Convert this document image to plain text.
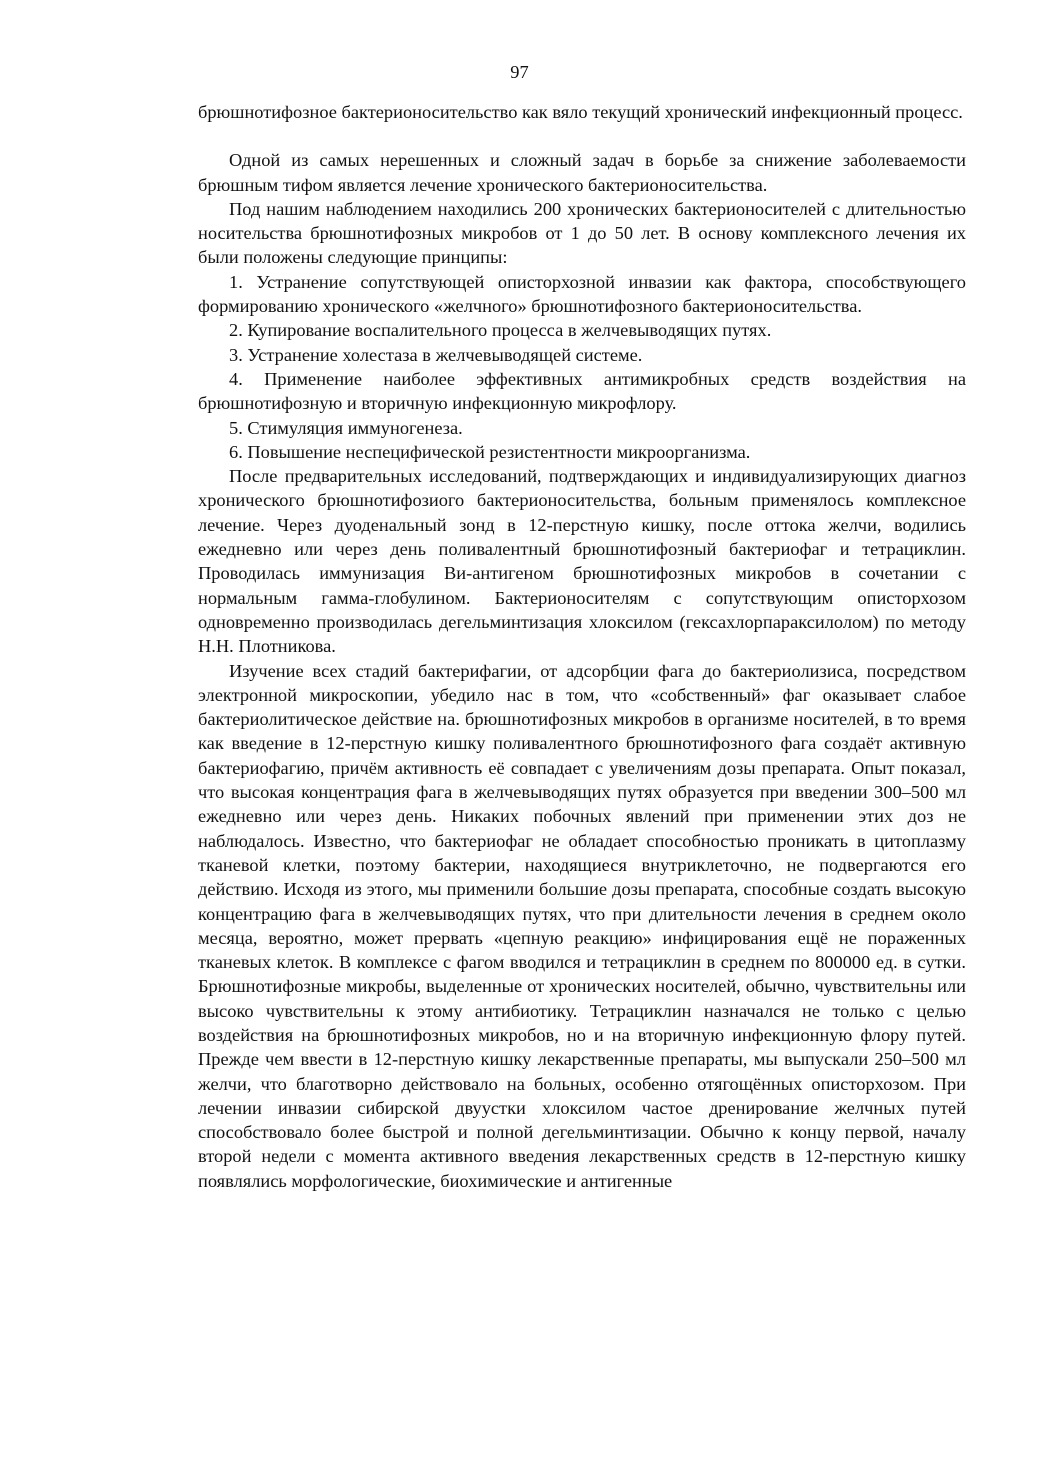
97

брюшнотифозное бактерионосительство как вяло текущий хронический инфекционный процесс.

Одной из самых нерешенных и сложный задач в борьбе за снижение заболеваемости брюшным тифом является лечение хронического бактерионосительства.

Под нашим наблюдением находились 200 хронических бактерионосителей с длительностью носительства брюшнотифозных микробов от 1 до 50 лет. В основу комплексного лечения их были положены следующие принципы:

1. Устранение сопутствующей описторхозной инвазии как фактора, способствующего формированию хронического «желчного» брюшнотифозного бактерионосительства.

2. Купирование воспалительного процесса в желчевыводящих путях.

3. Устранение холестаза в желчевыводящей системе.

4. Применение наиболее эффективных антимикробных средств воздействия на брюшнотифозную и вторичную инфекционную микрофлору.

5. Стимуляция иммуногенеза.

6. Повышение неспецифической резистентности микроорганизма.

После предварительных исследований, подтверждающих и индивидуализирующих диагноз хронического брюшнотифозиого бактерионосительства, больным применялось комплексное лечение. Через дуоденальный зонд в 12-перстную кишку, после оттока желчи, водились ежедневно или через день поливалентный брюшнотифозный бактериофаг и тетрациклин. Проводилась иммунизация Ви-антигеном брюшнотифозных микробов в сочетании с нормальным гамма-глобулином. Бактерионосителям с сопутствующим описторхозом одновременно производилась дегельминтизация хлоксилом (гексахлорпараксилолом) по методу Н.Н. Плотникова.

Изучение всех стадий бактерифагии, от адсорбции фага до бактериолизиса, посредством электронной микроскопии, убедило нас в том, что «собственный» фаг оказывает слабое бактериолитическое действие на. брюшнотифозных микробов в организме носителей, в то время как введение в 12-перстную кишку поливалентного брюшнотифозного фага создаёт активную бактериофагию, причём активность её совпадает с увеличениям дозы препарата. Опыт показал, что высокая концентрация фага в желчевыводящих путях образуется при введении 300–500 мл ежедневно или через день. Никаких побочных явлений при применении этих доз не наблюдалось. Известно, что бактериофаг не обладает способностью проникать в цитоплазму тканевой клетки, поэтому бактерии, находящиеся внутриклеточно, не подвергаются его действию. Исходя из этого, мы применили большие дозы препарата, способные создать высокую концентрацию фага в желчевыводящих путях, что при длительности лечения в среднем около месяца, вероятно, может прервать «цепную реакцию» инфицирования ещё не пораженных тканевых клеток. В комплексе с фагом вводился и тетрациклин в среднем по 800000 ед. в сутки. Брюшнотифозные микробы, выделенные от хронических носителей, обычно, чувствительны или высоко чувствительны к этому антибиотику. Тетрациклин назначался не только с целью воздействия на брюшнотифозных микробов, но и на вторичную инфекционную флору путей. Прежде чем ввести в 12-перстную кишку лекарственные препараты, мы выпускали 250–500 мл желчи, что благотворно действовало на больных, особенно отягощённых описторхозом. При лечении инвазии сибирской двуустки хлоксилом частое дренирование желчных путей способствовало более быстрой и полной дегельминтизации. Обычно к концу первой, началу второй недели с момента активного введения лекарственных средств в 12-перстную кишку появлялись морфологические, биохимические и антигенные
